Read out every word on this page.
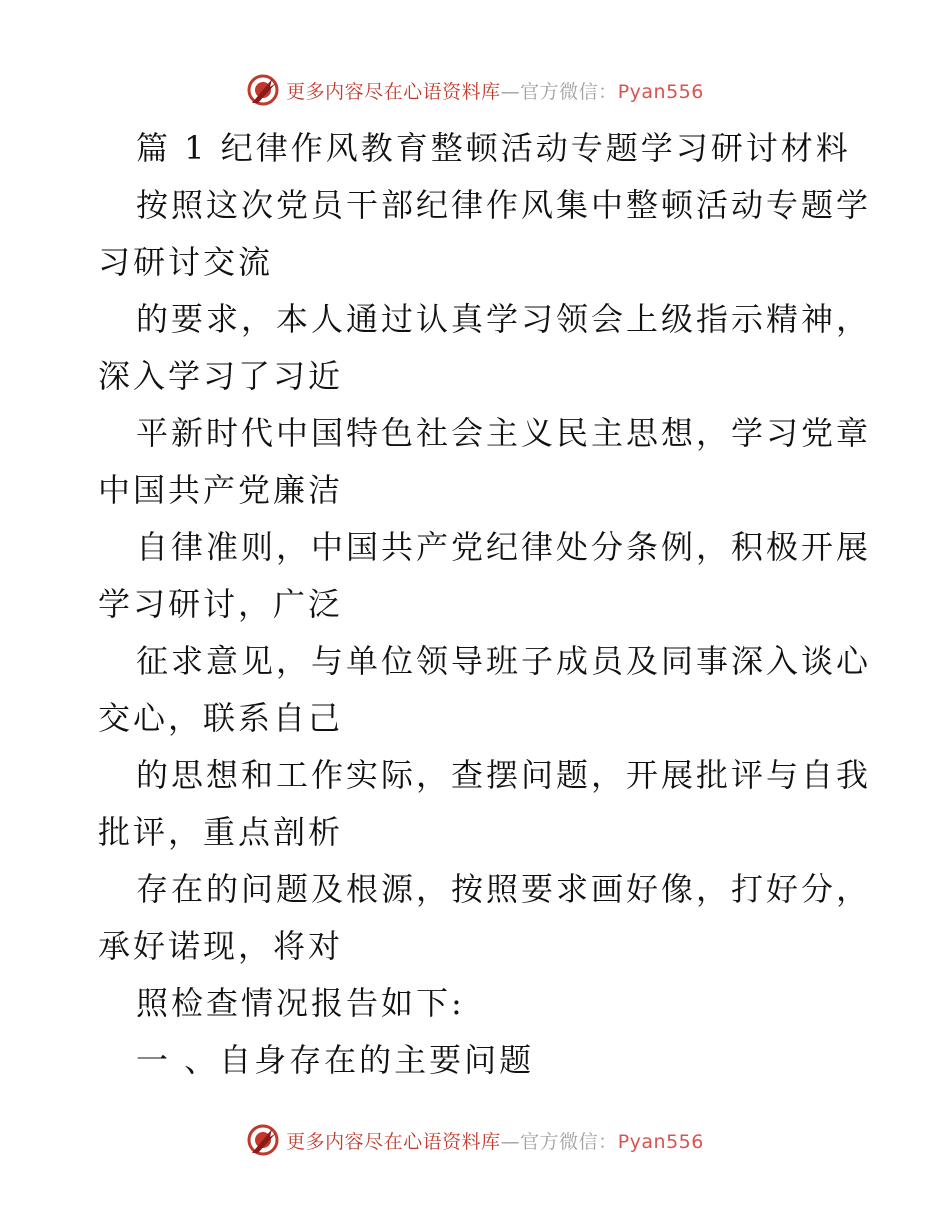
更多内容尽在心语资料库—官方微信：Pyan556
篇 1 纪律作风教育整顿活动专题学习研讨材料
按照这次党员干部纪律作风集中整顿活动专题学
习研讨交流
的要求，本人通过认真学习领会上级指示精神，
深入学习了习近
平新时代中国特色社会主义民主思想，学习党章
中国共产党廉洁
自律准则，中国共产党纪律处分条例，积极开展
学习研讨，广泛
征求意见，与单位领导班子成员及同事深入谈心
交心，联系自己
的思想和工作实际，查摆问题，开展批评与自我
批评，重点剖析
存在的问题及根源，按照要求画好像，打好分，
承好诺现，将对
照检查情况报告如下:
一 、自身存在的主要问题
更多内容尽在心语资料库—官方微信：Pyan556
